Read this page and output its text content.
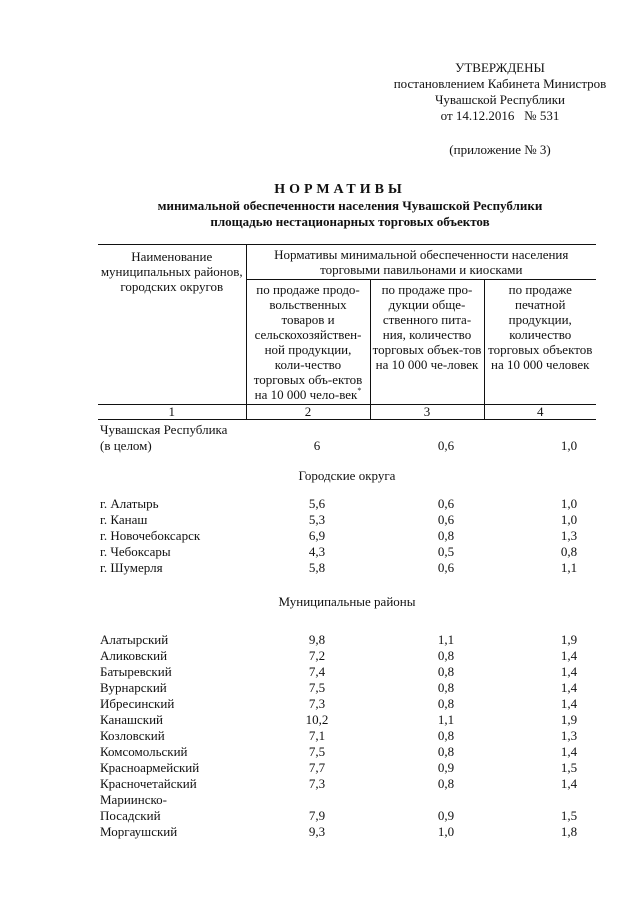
УТВЕРЖДЕНЫ
постановлением Кабинета Министров
Чувашской Республики
от 14.12.2016   № 531
(приложение № 3)
НОРМАТИВЫ
минимальной обеспеченности населения Чувашской Республики
площадью нестационарных торговых объектов
Наименование муниципальных районов, городских округов	Нормативы минимальной обеспеченности населения торговыми павильонами и киосками		
	по продаже продо-вольственных товаров и сельскохозяйствен-ной продукции, коли-чество торговых объ-ектов на 10 000 чело-век*	по продаже про-дукции обще-ственного пита-ния, количество торговых объек-тов на 10 000 че-ловек	по продаже печатной продукции, количество торговых объектов на 10 000 человек
1	2	3	4
Чувашская Республика			
(в целом)	6	0,6	1,0
Городские округа			
г. Алатырь	5,6	0,6	1,0
г. Канаш	5,3	0,6	1,0
г. Новочебоксарск	6,9	0,8	1,3
г. Чебоксары	4,3	0,5	0,8
г. Шумерля	5,8	0,6	1,1
Муниципальные районы			
Алатырский	9,8	1,1	1,9
Аликовский	7,2	0,8	1,4
Батыревский	7,4	0,8	1,4
Вурнарский	7,5	0,8	1,4
Ибресинский	7,3	0,8	1,4
Канашский	10,2	1,1	1,9
Козловский	7,1	0,8	1,3
Комсомольский	7,5	0,8	1,4
Красноармейский	7,7	0,9	1,5
Красночетайский	7,3	0,8	1,4
Мариинско-			
Посадский	7,9	0,9	1,5
Моргаушский	9,3	1,0	1,8
